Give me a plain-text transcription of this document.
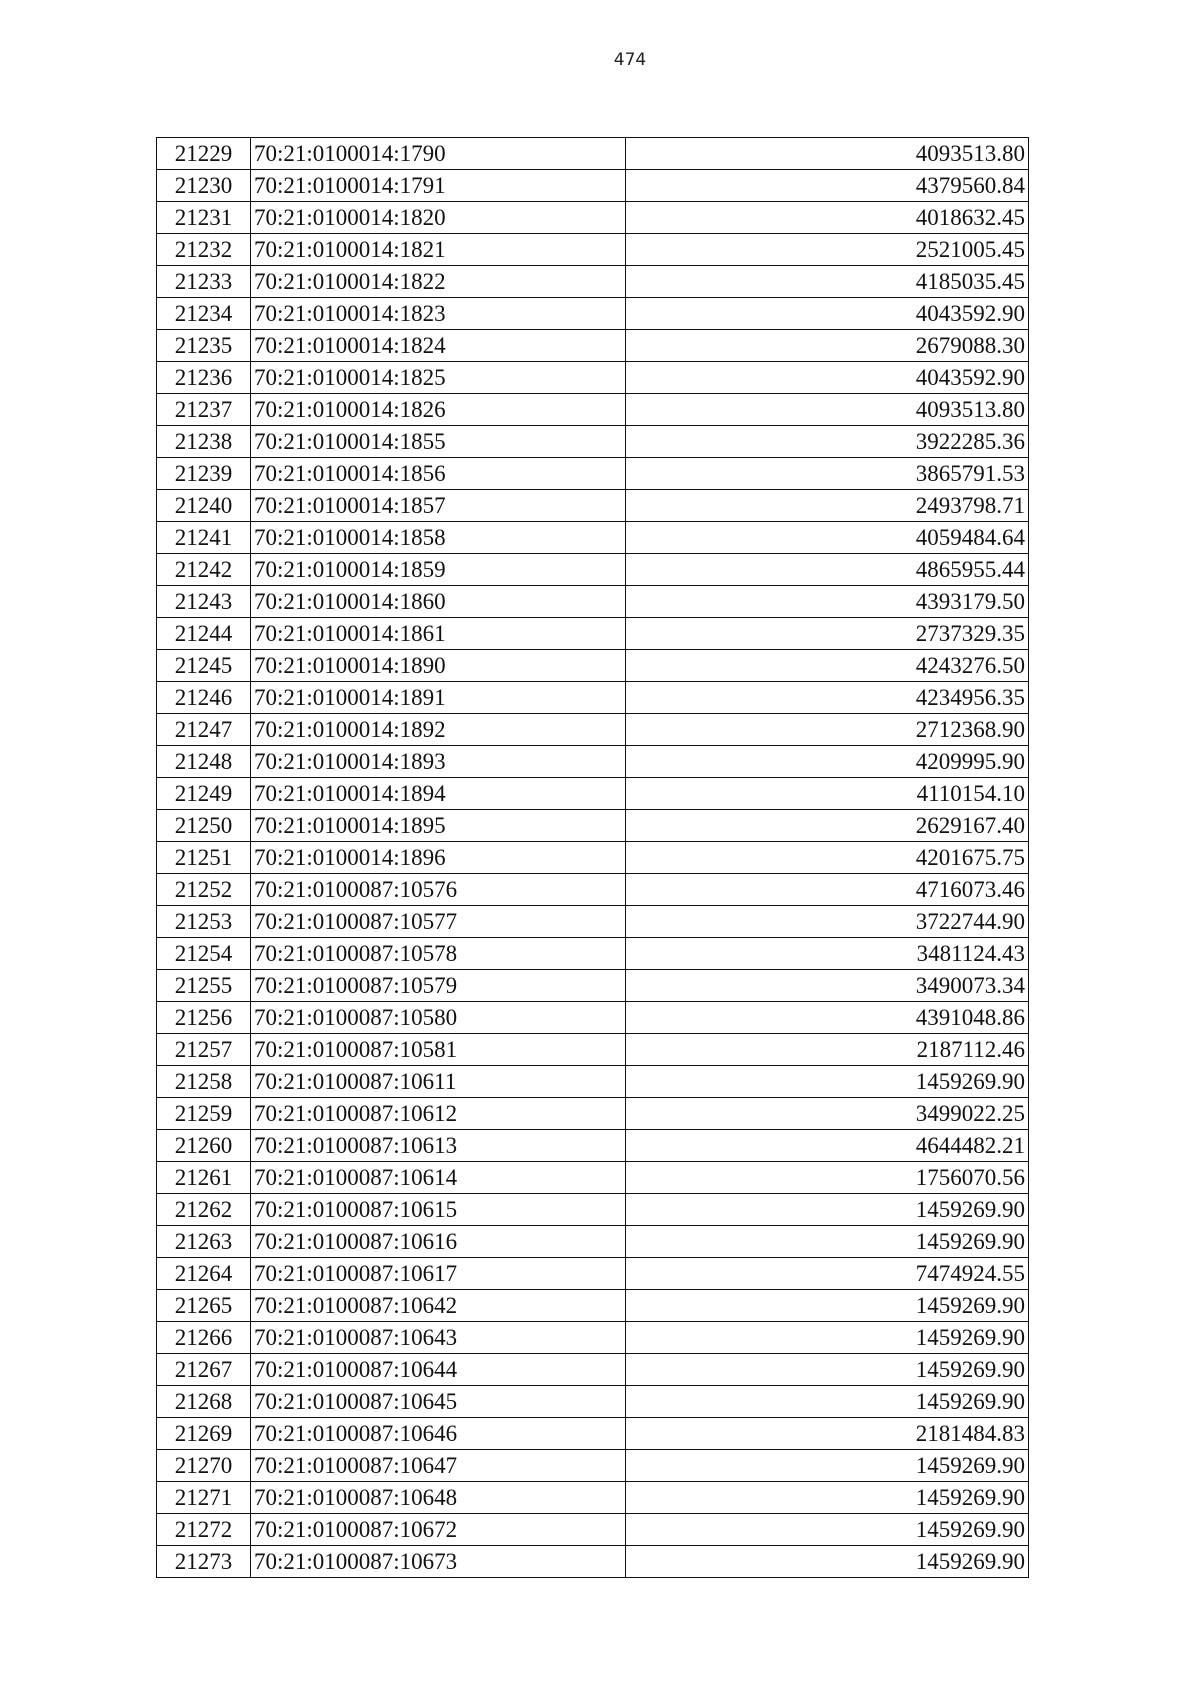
474
21229	70:21:0100014:1790	4093513.80
21230	70:21:0100014:1791	4379560.84
21231	70:21:0100014:1820	4018632.45
21232	70:21:0100014:1821	2521005.45
21233	70:21:0100014:1822	4185035.45
21234	70:21:0100014:1823	4043592.90
21235	70:21:0100014:1824	2679088.30
21236	70:21:0100014:1825	4043592.90
21237	70:21:0100014:1826	4093513.80
21238	70:21:0100014:1855	3922285.36
21239	70:21:0100014:1856	3865791.53
21240	70:21:0100014:1857	2493798.71
21241	70:21:0100014:1858	4059484.64
21242	70:21:0100014:1859	4865955.44
21243	70:21:0100014:1860	4393179.50
21244	70:21:0100014:1861	2737329.35
21245	70:21:0100014:1890	4243276.50
21246	70:21:0100014:1891	4234956.35
21247	70:21:0100014:1892	2712368.90
21248	70:21:0100014:1893	4209995.90
21249	70:21:0100014:1894	4110154.10
21250	70:21:0100014:1895	2629167.40
21251	70:21:0100014:1896	4201675.75
21252	70:21:0100087:10576	4716073.46
21253	70:21:0100087:10577	3722744.90
21254	70:21:0100087:10578	3481124.43
21255	70:21:0100087:10579	3490073.34
21256	70:21:0100087:10580	4391048.86
21257	70:21:0100087:10581	2187112.46
21258	70:21:0100087:10611	1459269.90
21259	70:21:0100087:10612	3499022.25
21260	70:21:0100087:10613	4644482.21
21261	70:21:0100087:10614	1756070.56
21262	70:21:0100087:10615	1459269.90
21263	70:21:0100087:10616	1459269.90
21264	70:21:0100087:10617	7474924.55
21265	70:21:0100087:10642	1459269.90
21266	70:21:0100087:10643	1459269.90
21267	70:21:0100087:10644	1459269.90
21268	70:21:0100087:10645	1459269.90
21269	70:21:0100087:10646	2181484.83
21270	70:21:0100087:10647	1459269.90
21271	70:21:0100087:10648	1459269.90
21272	70:21:0100087:10672	1459269.90
21273	70:21:0100087:10673	1459269.90
